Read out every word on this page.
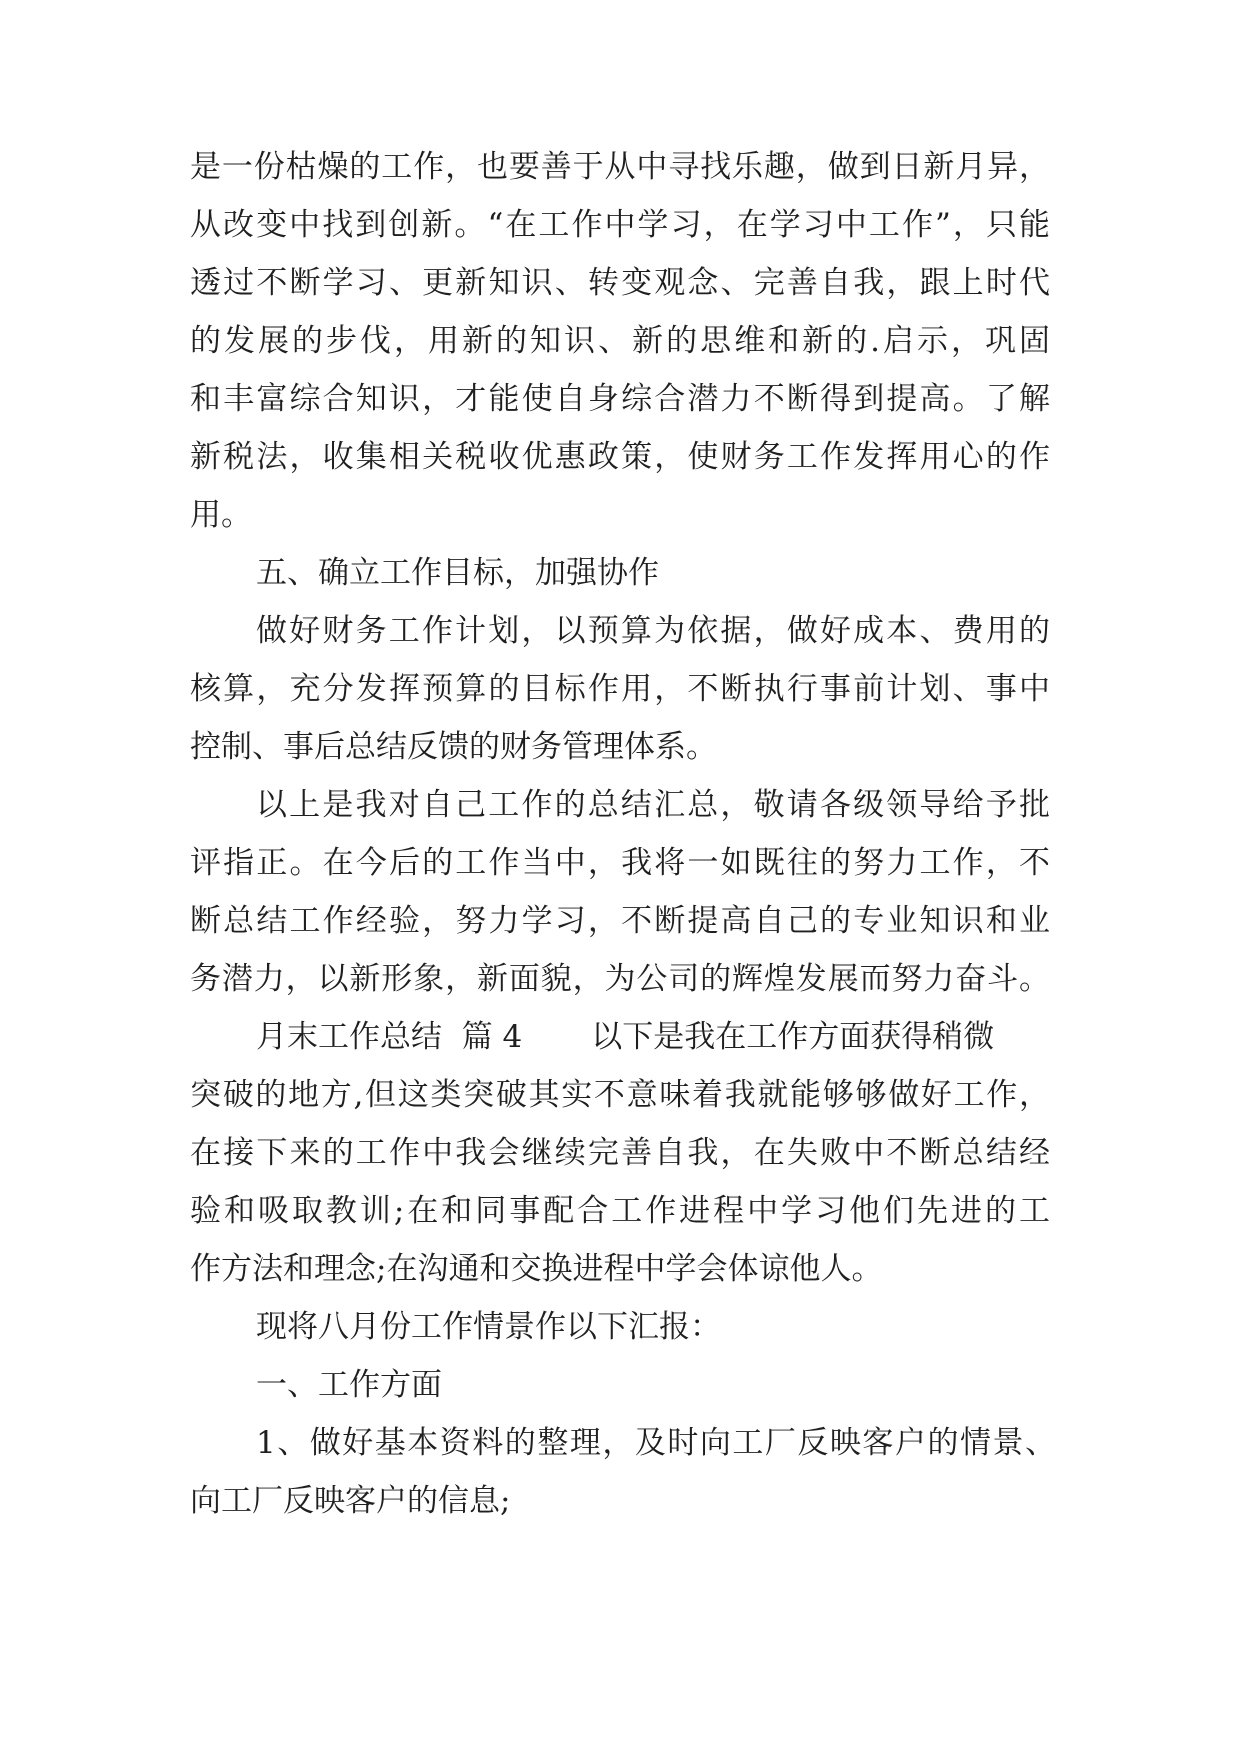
是一份枯燥的工作，也要善于从中寻找乐趣，做到日新月异，
从改变中找到创新。“在工作中学习，在学习中工作”，只能
透过不断学习、更新知识、转变观念、完善自我，跟上时代
的发展的步伐，用新的知识、新的思维和新的.启示，巩固
和丰富综合知识，才能使自身综合潜力不断得到提高。了解
新税法，收集相关税收优惠政策，使财务工作发挥用心的作
用。
五、确立工作目标，加强协作
做好财务工作计划，以预算为依据，做好成本、费用的
核算，充分发挥预算的目标作用，不断执行事前计划、事中
控制、事后总结反馈的财务管理体系。
以上是我对自己工作的总结汇总，敬请各级领导给予批
评指正。在今后的工作当中，我将一如既往的努力工作，不
断总结工作经验，努力学习，不断提高自己的专业知识和业
务潜力，以新形象，新面貌，为公司的辉煌发展而努力奋斗。
月末工作总结  篇 4       以下是我在工作方面获得稍微
突破的地方,但这类突破其实不意味着我就能够够做好工作，
在接下来的工作中我会继续完善自我，在失败中不断总结经
验和吸取教训;在和同事配合工作进程中学习他们先进的工
作方法和理念;在沟通和交换进程中学会体谅他人。
现将八月份工作情景作以下汇报：
一、工作方面
1、做好基本资料的整理，及时向工厂反映客户的情景、
向工厂反映客户的信息;
